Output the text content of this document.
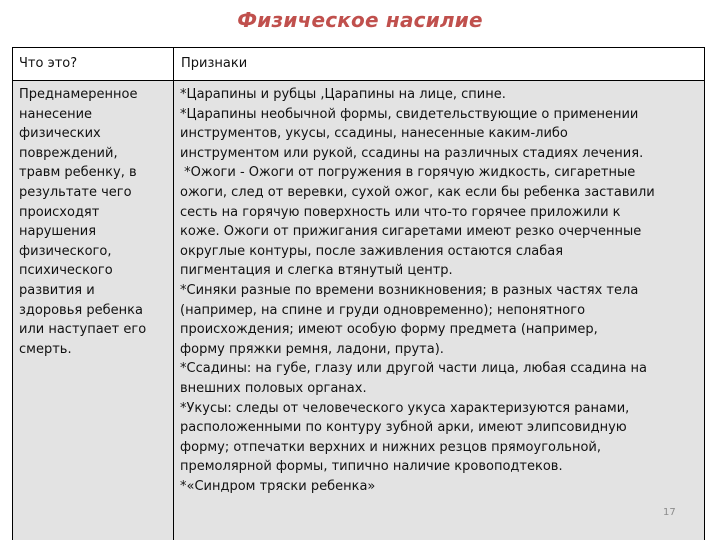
Физическое насилие
Что это?	Признаки
Преднамеренное
нанесение
физических
повреждений,
травм ребенку, в
результате чего
происходят
нарушения
физического,
психического
развития и
здоровья ребенка
или наступает его
смерть.
*Царапины и рубцы ,Царапины на лице, спине.
*Царапины необычной формы, свидетельствующие о применении
инструментов, укусы, ссадины, нанесенные каким-либо
инструментом или рукой, ссадины на различных стадиях лечения.
*Ожоги - Ожоги от погружения в горячую жидкость, сигаретные
ожоги, след от веревки, сухой ожог, как если бы ребенка заставили
сесть на горячую поверхность или что-то горячее приложили к
коже. Ожоги от прижигания сигаретами имеют резко очерченные
округлые контуры, после заживления остаются слабая
пигментация и слегка втянутый центр.
*Синяки разные по времени возникновения; в разных частях тела
(например, на спине и груди одновременно); непонятного
происхождения; имеют особую форму предмета (например,
форму пряжки ремня, ладони, прута).
*Ссадины: на губе, глазу или другой части лица, любая ссадина на
внешних половых органах.
*Укусы: следы от человеческого укуса характеризуются ранами,
расположенными по контуру зубной арки, имеют элипсовидную
форму; отпечатки верхних и нижних резцов прямоугольной,
премолярной формы, типично наличие кровоподтеков.
*«Синдром тряски ребенка»
17
